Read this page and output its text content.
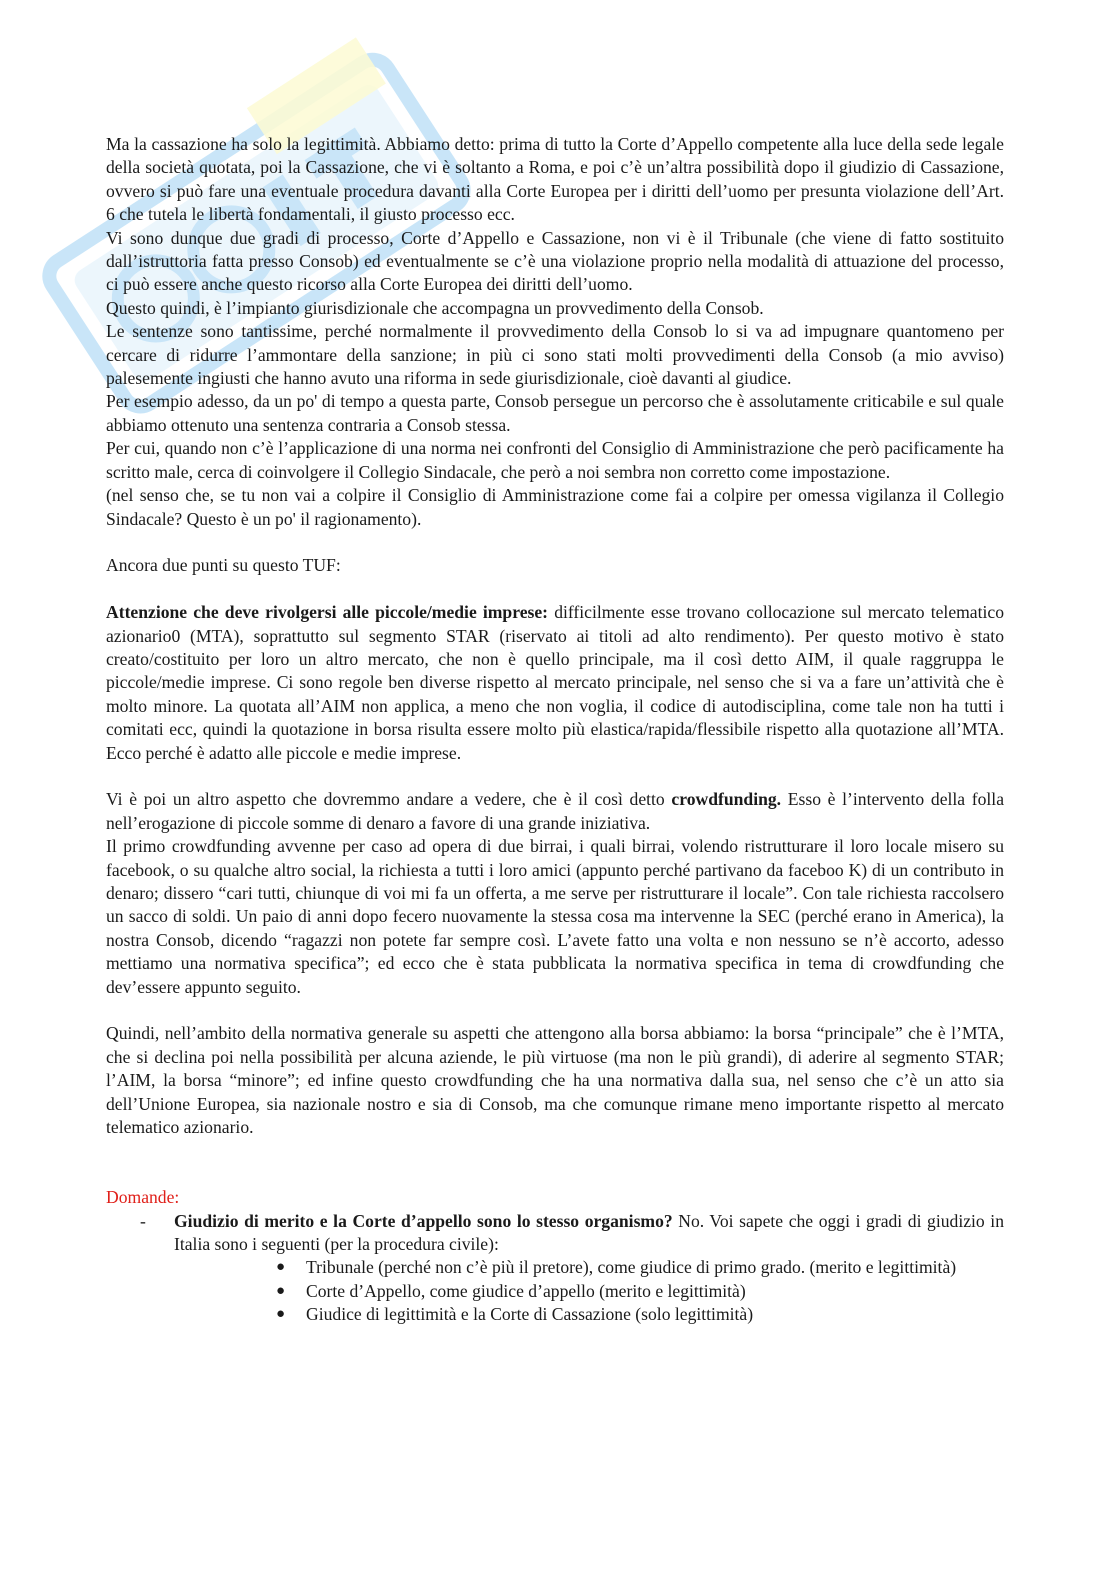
Ma la cassazione ha solo la legittimità. Abbiamo detto: prima di tutto la Corte d’Appello competente alla luce della sede legale della società quotata, poi la Cassazione, che vi è soltanto a Roma, e poi c’è un’altra possibilità dopo il giudizio di Cassazione, ovvero si può fare una eventuale procedura davanti alla Corte Europea per i diritti dell’uomo per presunta violazione dell’Art. 6 che tutela le libertà fondamentali, il giusto processo ecc.

Vi sono dunque due gradi di processo, Corte d’Appello e Cassazione, non vi è il Tribunale (che viene di fatto sostituito dall’istruttoria fatta presso Consob) ed eventualmente se c’è una violazione proprio nella modalità di attuazione del processo, ci può essere anche questo ricorso alla Corte Europea dei diritti dell’uomo.

Questo quindi, è l’impianto giurisdizionale che accompagna un provvedimento della Consob.

Le sentenze sono tantissime, perché normalmente il provvedimento della Consob lo si va ad impugnare quantomeno per cercare di ridurre l’ammontare della sanzione; in più ci sono stati molti provvedimenti della Consob (a mio avviso) palesemente ingiusti che hanno avuto una riforma in sede giurisdizionale, cioè davanti al giudice.

Per esempio adesso, da un po' di tempo a questa parte, Consob persegue un percorso che è assolutamente criticabile e sul quale abbiamo ottenuto una sentenza contraria a Consob stessa.

Per cui, quando non c’è l’applicazione di una norma nei confronti del Consiglio di Amministrazione che però pacificamente ha scritto male, cerca di coinvolgere il Collegio Sindacale, che però a noi sembra non corretto come impostazione.

(nel senso che, se tu non vai a colpire il Consiglio di Amministrazione come fai a colpire per omessa vigilanza il Collegio Sindacale? Questo è un po' il ragionamento).

Ancora due punti su questo TUF:

Attenzione che deve rivolgersi alle piccole/medie imprese: difficilmente esse trovano collocazione sul mercato telematico azionario0 (MTA), soprattutto sul segmento STAR (riservato ai titoli ad alto rendimento). Per questo motivo è stato creato/costituito per loro un altro mercato, che non è quello principale, ma il così detto AIM, il quale raggruppa le piccole/medie imprese. Ci sono regole ben diverse rispetto al mercato principale, nel senso che si va a fare un’attività che è molto minore. La quotata all’AIM non applica, a meno che non voglia, il codice di autodisciplina, come tale non ha tutti i comitati ecc, quindi la quotazione in borsa risulta essere molto più elastica/rapida/flessibile rispetto alla quotazione all’MTA. Ecco perché è adatto alle piccole e medie imprese.

Vi è poi un altro aspetto che dovremmo andare a vedere, che è il così detto crowdfunding. Esso è l’intervento della folla nell’erogazione di piccole somme di denaro a favore di una grande iniziativa.

Il primo crowdfunding avvenne per caso ad opera di due birrai, i quali birrai, volendo ristrutturare il loro locale misero su facebook, o su qualche altro social, la richiesta a tutti i loro amici (appunto perché partivano da faceboo K) di un contributo in denaro; dissero “cari tutti, chiunque di voi mi fa un offerta, a me serve per ristrutturare il locale”. Con tale richiesta raccolsero un sacco di soldi. Un paio di anni dopo fecero nuovamente la stessa cosa ma intervenne la SEC (perché erano in America), la nostra Consob, dicendo “ragazzi non potete far sempre così. L’avete fatto una volta e non nessuno se n’è accorto, adesso mettiamo una normativa specifica”; ed ecco che è stata pubblicata la normativa specifica in tema di crowdfunding che dev’essere appunto seguito.

Quindi, nell’ambito della normativa generale su aspetti che attengono alla borsa abbiamo: la borsa “principale” che è l’MTA, che si declina poi nella possibilità per alcuna aziende, le più virtuose (ma non le più grandi), di aderire al segmento STAR; l’AIM, la borsa “minore”; ed infine questo crowdfunding che ha una normativa dalla sua, nel senso che c’è un atto sia dell’Unione Europea, sia nazionale nostro e sia di Consob, ma che comunque rimane meno importante rispetto al mercato telematico azionario.

Domande:

- Giudizio di merito e la Corte d’appello sono lo stesso organismo? No. Voi sapete che oggi i gradi di giudizio in Italia sono i seguenti (per la procedura civile):

● Tribunale (perché non c’è più il pretore), come giudice di primo grado. (merito e legittimità)
● Corte d’Appello, come giudice d’appello (merito e legittimità)
● Giudice di legittimità e la Corte di Cassazione (solo legittimità)
